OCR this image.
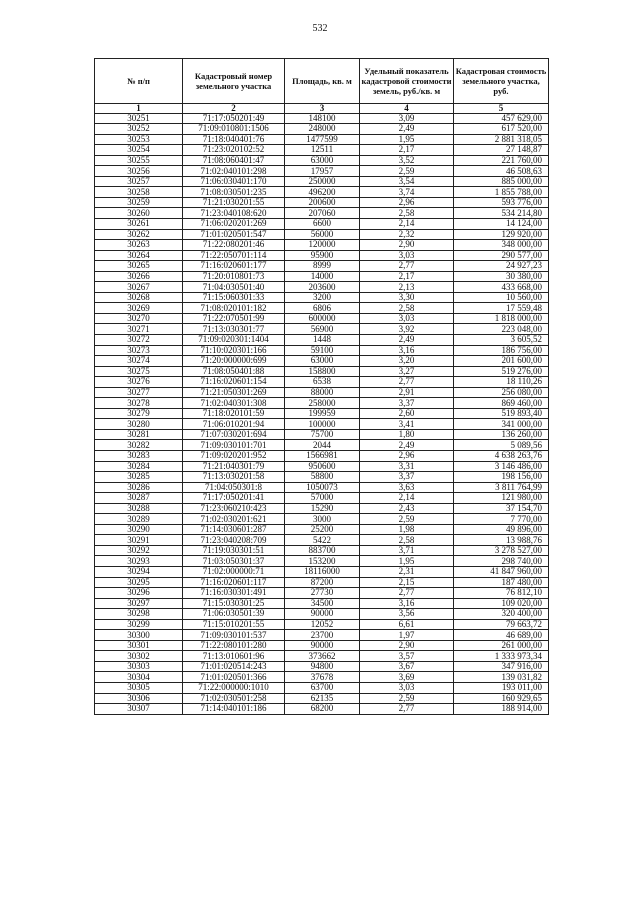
532
№ п/п	Кадастровый номер земельного участка	Площадь, кв. м	Удельный показатель кадастровой стоимости земель, руб./кв. м	Кадастровая стоимость земельного участка, руб.
1	2	3	4	5
30251	71:17:050201:49	148100	3,09	457 629,00
30252	71:09:010801:1506	248000	2,49	617 520,00
30253	71:18:040401:76	1477599	1,95	2 881 318,05
30254	71:23:020102:52	12511	2,17	27 148,87
30255	71:08:060401:47	63000	3,52	221 760,00
30256	71:02:040101:298	17957	2,59	46 508,63
30257	71:06:030401:170	250000	3,54	885 000,00
30258	71:08:030501:235	496200	3,74	1 855 788,00
30259	71:21:030201:55	200600	2,96	593 776,00
30260	71:23:040108:620	207060	2,58	534 214,80
30261	71:06:020201:269	6600	2,14	14 124,00
30262	71:01:020501:547	56000	2,32	129 920,00
30263	71:22:080201:46	120000	2,90	348 000,00
30264	71:22:050701:114	95900	3,03	290 577,00
30265	71:16:020601:177	8999	2,77	24 927,23
30266	71:20:010801:73	14000	2,17	30 380,00
30267	71:04:030501:40	203600	2,13	433 668,00
30268	71:15:060301:33	3200	3,30	10 560,00
30269	71:08:020101:182	6806	2,58	17 559,48
30270	71:22:070501:99	600000	3,03	1 818 000,00
30271	71:13:030301:77	56900	3,92	223 048,00
30272	71:09:020301:1404	1448	2,49	3 605,52
30273	71:10:020301:166	59100	3,16	186 756,00
30274	71:20:000000:699	63000	3,20	201 600,00
30275	71:08:050401:88	158800	3,27	519 276,00
30276	71:16:020601:154	6538	2,77	18 110,26
30277	71:21:050301:269	88000	2,91	256 080,00
30278	71:02:040301:308	258000	3,37	869 460,00
30279	71:18:020101:59	199959	2,60	519 893,40
30280	71:06:010201:94	100000	3,41	341 000,00
30281	71:07:030201:694	75700	1,80	136 260,00
30282	71:09:030101:701	2044	2,49	5 089,56
30283	71:09:020201:952	1566981	2,96	4 638 263,76
30284	71:21:040301:79	950600	3,31	3 146 486,00
30285	71:13:030201:58	58800	3,37	198 156,00
30286	71:04:050301:8	1050073	3,63	3 811 764,99
30287	71:17:050201:41	57000	2,14	121 980,00
30288	71:23:060210:423	15290	2,43	37 154,70
30289	71:02:030201:621	3000	2,59	7 770,00
30290	71:14:030601:287	25200	1,98	49 896,00
30291	71:23:040208:709	5422	2,58	13 988,76
30292	71:19:030301:51	883700	3,71	3 278 527,00
30293	71:03:050301:37	153200	1,95	298 740,00
30294	71:02:000000:71	18116000	2,31	41 847 960,00
30295	71:16:020601:117	87200	2,15	187 480,00
30296	71:16:030301:491	27730	2,77	76 812,10
30297	71:15:030301:25	34500	3,16	109 020,00
30298	71:06:030501:39	90000	3,56	320 400,00
30299	71:15:010201:55	12052	6,61	79 663,72
30300	71:09:030101:537	23700	1,97	46 689,00
30301	71:22:080101:280	90000	2,90	261 000,00
30302	71:13:010601:96	373662	3,57	1 333 973,34
30303	71:01:020514:243	94800	3,67	347 916,00
30304	71:01:020501:366	37678	3,69	139 031,82
30305	71:22:000000:1010	63700	3,03	193 011,00
30306	71:02:030501:258	62135	2,59	160 929,65
30307	71:14:040101:186	68200	2,77	188 914,00
